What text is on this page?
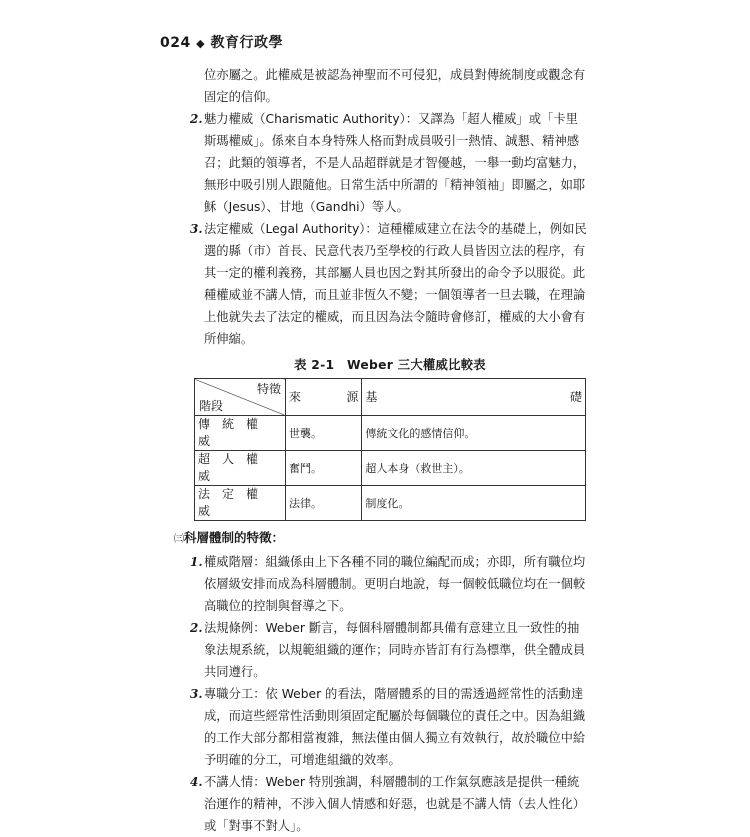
024 ◆ 教育行政學

位亦屬之。此權威是被認為神聖而不可侵犯，成員對傳統制度或觀念有固定的信仰。

2. 魅力權威（Charismatic Authority）：又譯為「超人權威」或「卡里斯瑪權威」。係來自本身特殊人格而對成員吸引一熱情、誠懇、精神感召；此類的領導者，不是人品超群就是才智優越，一舉一動均富魅力，無形中吸引別人跟隨他。日常生活中所謂的「精神領袖」即屬之，如耶穌（Jesus）、甘地（Gandhi）等人。
3. 法定權威（Legal Authority）：這種權威建立在法令的基礎上，例如民選的縣（市）首長、民意代表乃至學校的行政人員皆因立法的程序，有其一定的權利義務，其部屬人員也因之對其所發出的命令予以服從。此種權威並不講人情，而且並非恆久不變；一個領導者一旦去職，在理論上他就失去了法定的權威，而且因為法令隨時會修訂，權威的大小會有所伸縮。
表 2-1　Weber 三大權威比較表
特徵
階段	來 源	基 礎

傳統權威	世襲。	傳統文化的感情信仰。
超人權威	奮鬥。	超人本身（救世主）。
法定權威	法律。	制度化。
㈢科層體制的特徵：
1. 權威階層：組織係由上下各種不同的職位編配而成；亦即，所有職位均依層級安排而成為科層體制。更明白地說，每一個較低職位均在一個較高職位的控制與督導之下。
2. 法規條例：Weber 斷言，每個科層體制都具備有意建立且一致性的抽象法規系統，以規範組織的運作；同時亦皆訂有行為標準，供全體成員共同遵行。
3. 專職分工：依 Weber 的看法，階層體系的目的需透過經常性的活動達成，而這些經常性活動則須固定配屬於每個職位的責任之中。因為組織的工作大部分都相當複雜，無法僅由個人獨立有效執行，故於職位中給予明確的分工，可增進組織的效率。
4. 不講人情：Weber 特別強調，科層體制的工作氣氛應該是提供一種統治運作的精神，不涉入個人情感和好惡，也就是不講人情（去人性化）或「對事不對人」。
